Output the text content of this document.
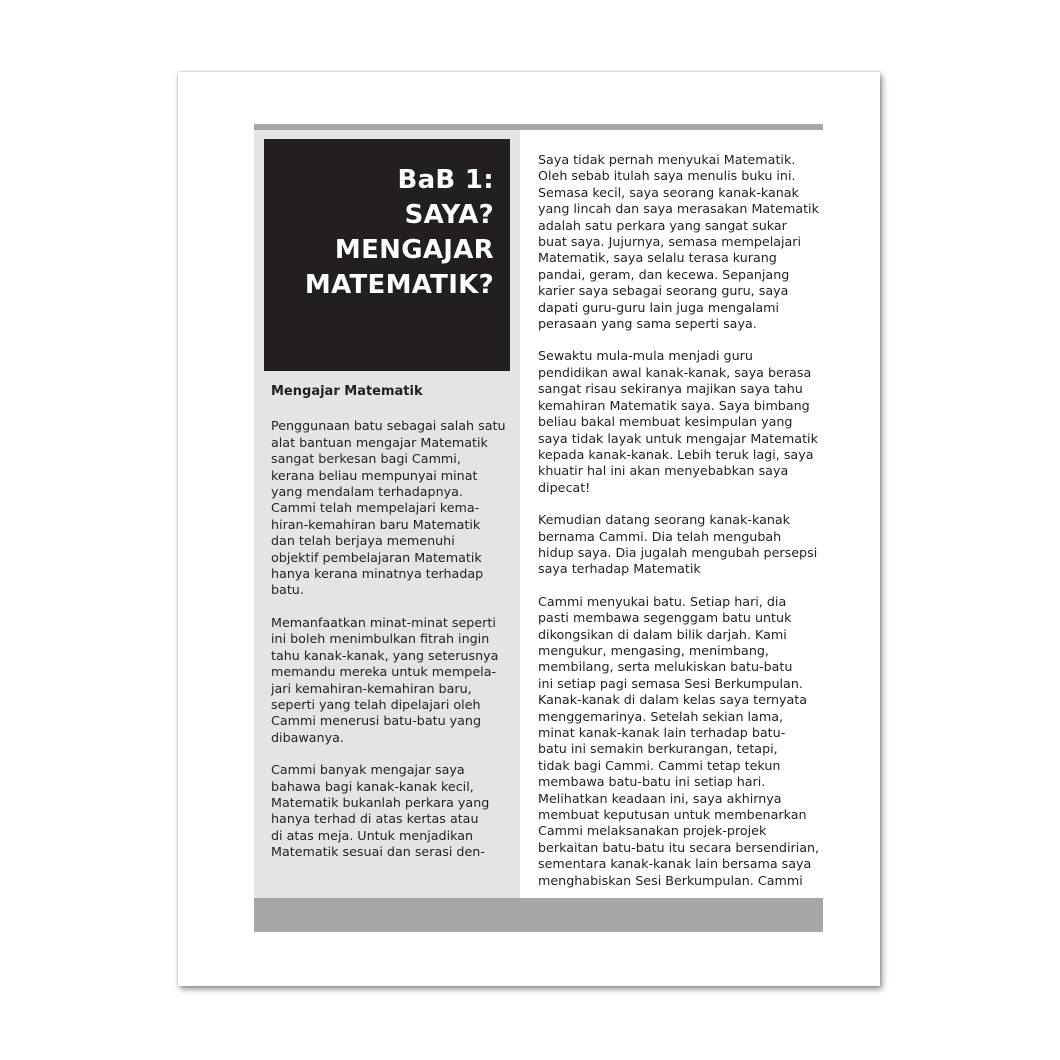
BaB 1:
SAYA?
MENGAJAR
MATEMATIK?
Mengajar Matematik
Penggunaan batu sebagai salah satu
alat bantuan mengajar Matematik
sangat berkesan bagi Cammi,
kerana beliau mempunyai minat
yang mendalam terhadapnya.
Cammi telah mempelajari kema-
hiran-kemahiran baru Matematik
dan telah berjaya memenuhi
objektif pembelajaran Matematik
hanya kerana minatnya terhadap
batu.
Memanfaatkan minat-minat seperti
ini boleh menimbulkan fitrah ingin
tahu kanak-kanak, yang seterusnya
memandu mereka untuk mempela-
jari kemahiran-kemahiran baru,
seperti yang telah dipelajari oleh
Cammi menerusi batu-batu yang
dibawanya.
Cammi banyak mengajar saya
bahawa bagi kanak-kanak kecil,
Matematik bukanlah perkara yang
hanya terhad di atas kertas atau
di atas meja. Untuk menjadikan
Matematik sesuai dan serasi den-
Saya tidak pernah menyukai Matematik.
Oleh sebab itulah saya menulis buku ini.
Semasa kecil, saya seorang kanak-kanak
yang lincah dan saya merasakan Matematik
adalah satu perkara yang sangat sukar
buat saya. Jujurnya, semasa mempelajari
Matematik, saya selalu terasa kurang
pandai, geram, dan kecewa. Sepanjang
karier saya sebagai seorang guru, saya
dapati guru-guru lain juga mengalami
perasaan yang sama seperti saya.
Sewaktu mula-mula menjadi guru
pendidikan awal kanak-kanak, saya berasa
sangat risau sekiranya majikan saya tahu
kemahiran Matematik saya. Saya bimbang
beliau bakal membuat kesimpulan yang
saya tidak layak untuk mengajar Matematik
kepada kanak-kanak. Lebih teruk lagi, saya
khuatir hal ini akan menyebabkan saya
dipecat!
Kemudian datang seorang kanak-kanak
bernama Cammi. Dia telah mengubah
hidup saya. Dia jugalah mengubah persepsi
saya terhadap Matematik
Cammi menyukai batu. Setiap hari, dia
pasti membawa segenggam batu untuk
dikongsikan di dalam bilik darjah. Kami
mengukur, mengasing, menimbang,
membilang, serta melukiskan batu-batu
ini setiap pagi semasa Sesi Berkumpulan.
Kanak-kanak di dalam kelas saya ternyata
menggemarinya. Setelah sekian lama,
minat kanak-kanak lain terhadap batu-
batu ini semakin berkurangan, tetapi,
tidak bagi Cammi. Cammi tetap tekun
membawa batu-batu ini setiap hari.
Melihatkan keadaan ini, saya akhirnya
membuat keputusan untuk membenarkan
Cammi melaksanakan projek-projek
berkaitan batu-batu itu secara bersendirian,
sementara kanak-kanak lain bersama saya
menghabiskan Sesi Berkumpulan. Cammi
